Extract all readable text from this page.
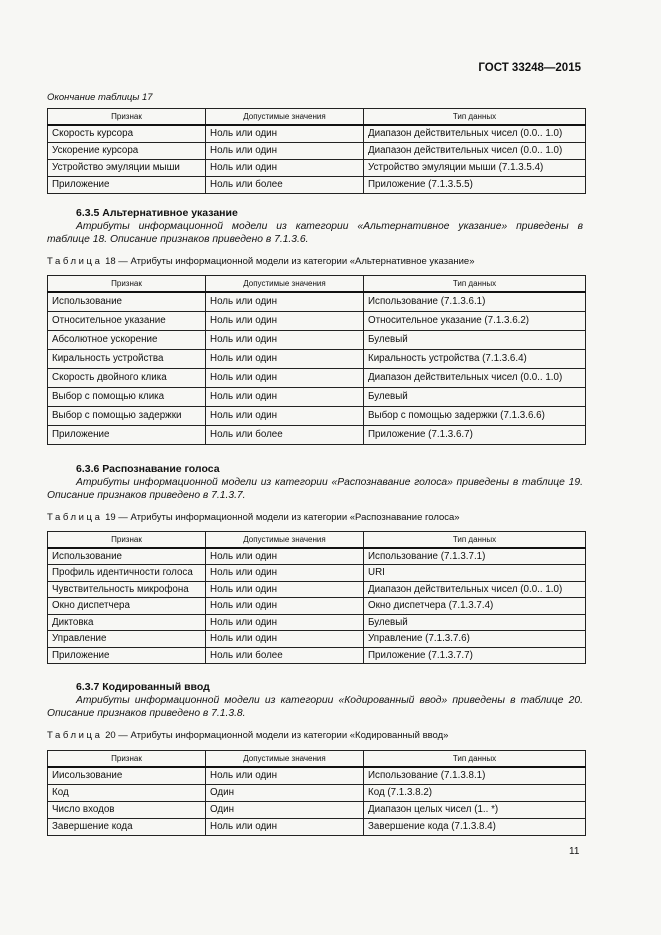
ГОСТ 33248—2015
Окончание таблицы 17
Признак	Допустимые значения	Тип данных
Скорость курсора	Ноль или один	Диапазон действительных чисел (0.0.. 1.0)
Ускорение курсора	Ноль или один	Диапазон действительных чисел (0.0.. 1.0)
Устройство эмуляции мыши	Ноль или один	Устройство эмуляции мыши (7.1.3.5.4)
Приложение	Ноль или более	Приложение (7.1.3.5.5)
6.3.5 Альтернативное указание
Атрибуты информационной модели из категории «Альтернативное указание» приведены в
таблице 18. Описание признаков приведено в 7.1.3.6.
Таблица 18 — Атрибуты информационной модели из категории «Альтернативное указание»
Признак	Допустимые значения	Тип данных
Использование	Ноль или один	Использование (7.1.3.6.1)
Относительное указание	Ноль или один	Относительное указание (7.1.3.6.2)
Абсолютное ускорение	Ноль или один	Булевый
Киральность устройства	Ноль или один	Киральность устройства (7.1.3.6.4)
Скорость двойного клика	Ноль или один	Диапазон действительных чисел (0.0.. 1.0)
Выбор с помощью клика	Ноль или один	Булевый
Выбор с помощью задержки	Ноль или один	Выбор с помощью задержки (7.1.3.6.6)
Приложение	Ноль или более	Приложение (7.1.3.6.7)
6.3.6 Распознавание голоса
Атрибуты информационной модели из категории «Распознавание голоса» приведены в таблице 19.
Описание признаков приведено в 7.1.3.7.
Таблица 19 — Атрибуты информационной модели из категории «Распознавание голоса»
Признак	Допустимые значения	Тип данных
Использование	Ноль или один	Использование (7.1.3.7.1)
Профиль идентичности голоса	Ноль или один	URI
Чувствительность микрофона	Ноль или один	Диапазон действительных чисел (0.0.. 1.0)
Окно диспетчера	Ноль или один	Окно диспетчера (7.1.3.7.4)
Диктовка	Ноль или один	Булевый
Управление	Ноль или один	Управление (7.1.3.7.6)
Приложение	Ноль или более	Приложение (7.1.3.7.7)
6.3.7 Кодированный ввод
Атрибуты информационной модели из категории «Кодированный ввод» приведены в таблице 20.
Описание признаков приведено в 7.1.3.8.
Таблица 20 — Атрибуты информационной модели из категории «Кодированный ввод»
Признак	Допустимые значения	Тип данных
Иисользование	Ноль или один	Использование (7.1.3.8.1)
Код	Один	Код (7.1.3.8.2)
Число входов	Один	Диапазон целых чисел (1.. *)
Завершение кода	Ноль или один	Завершение кода (7.1.3.8.4)
11
